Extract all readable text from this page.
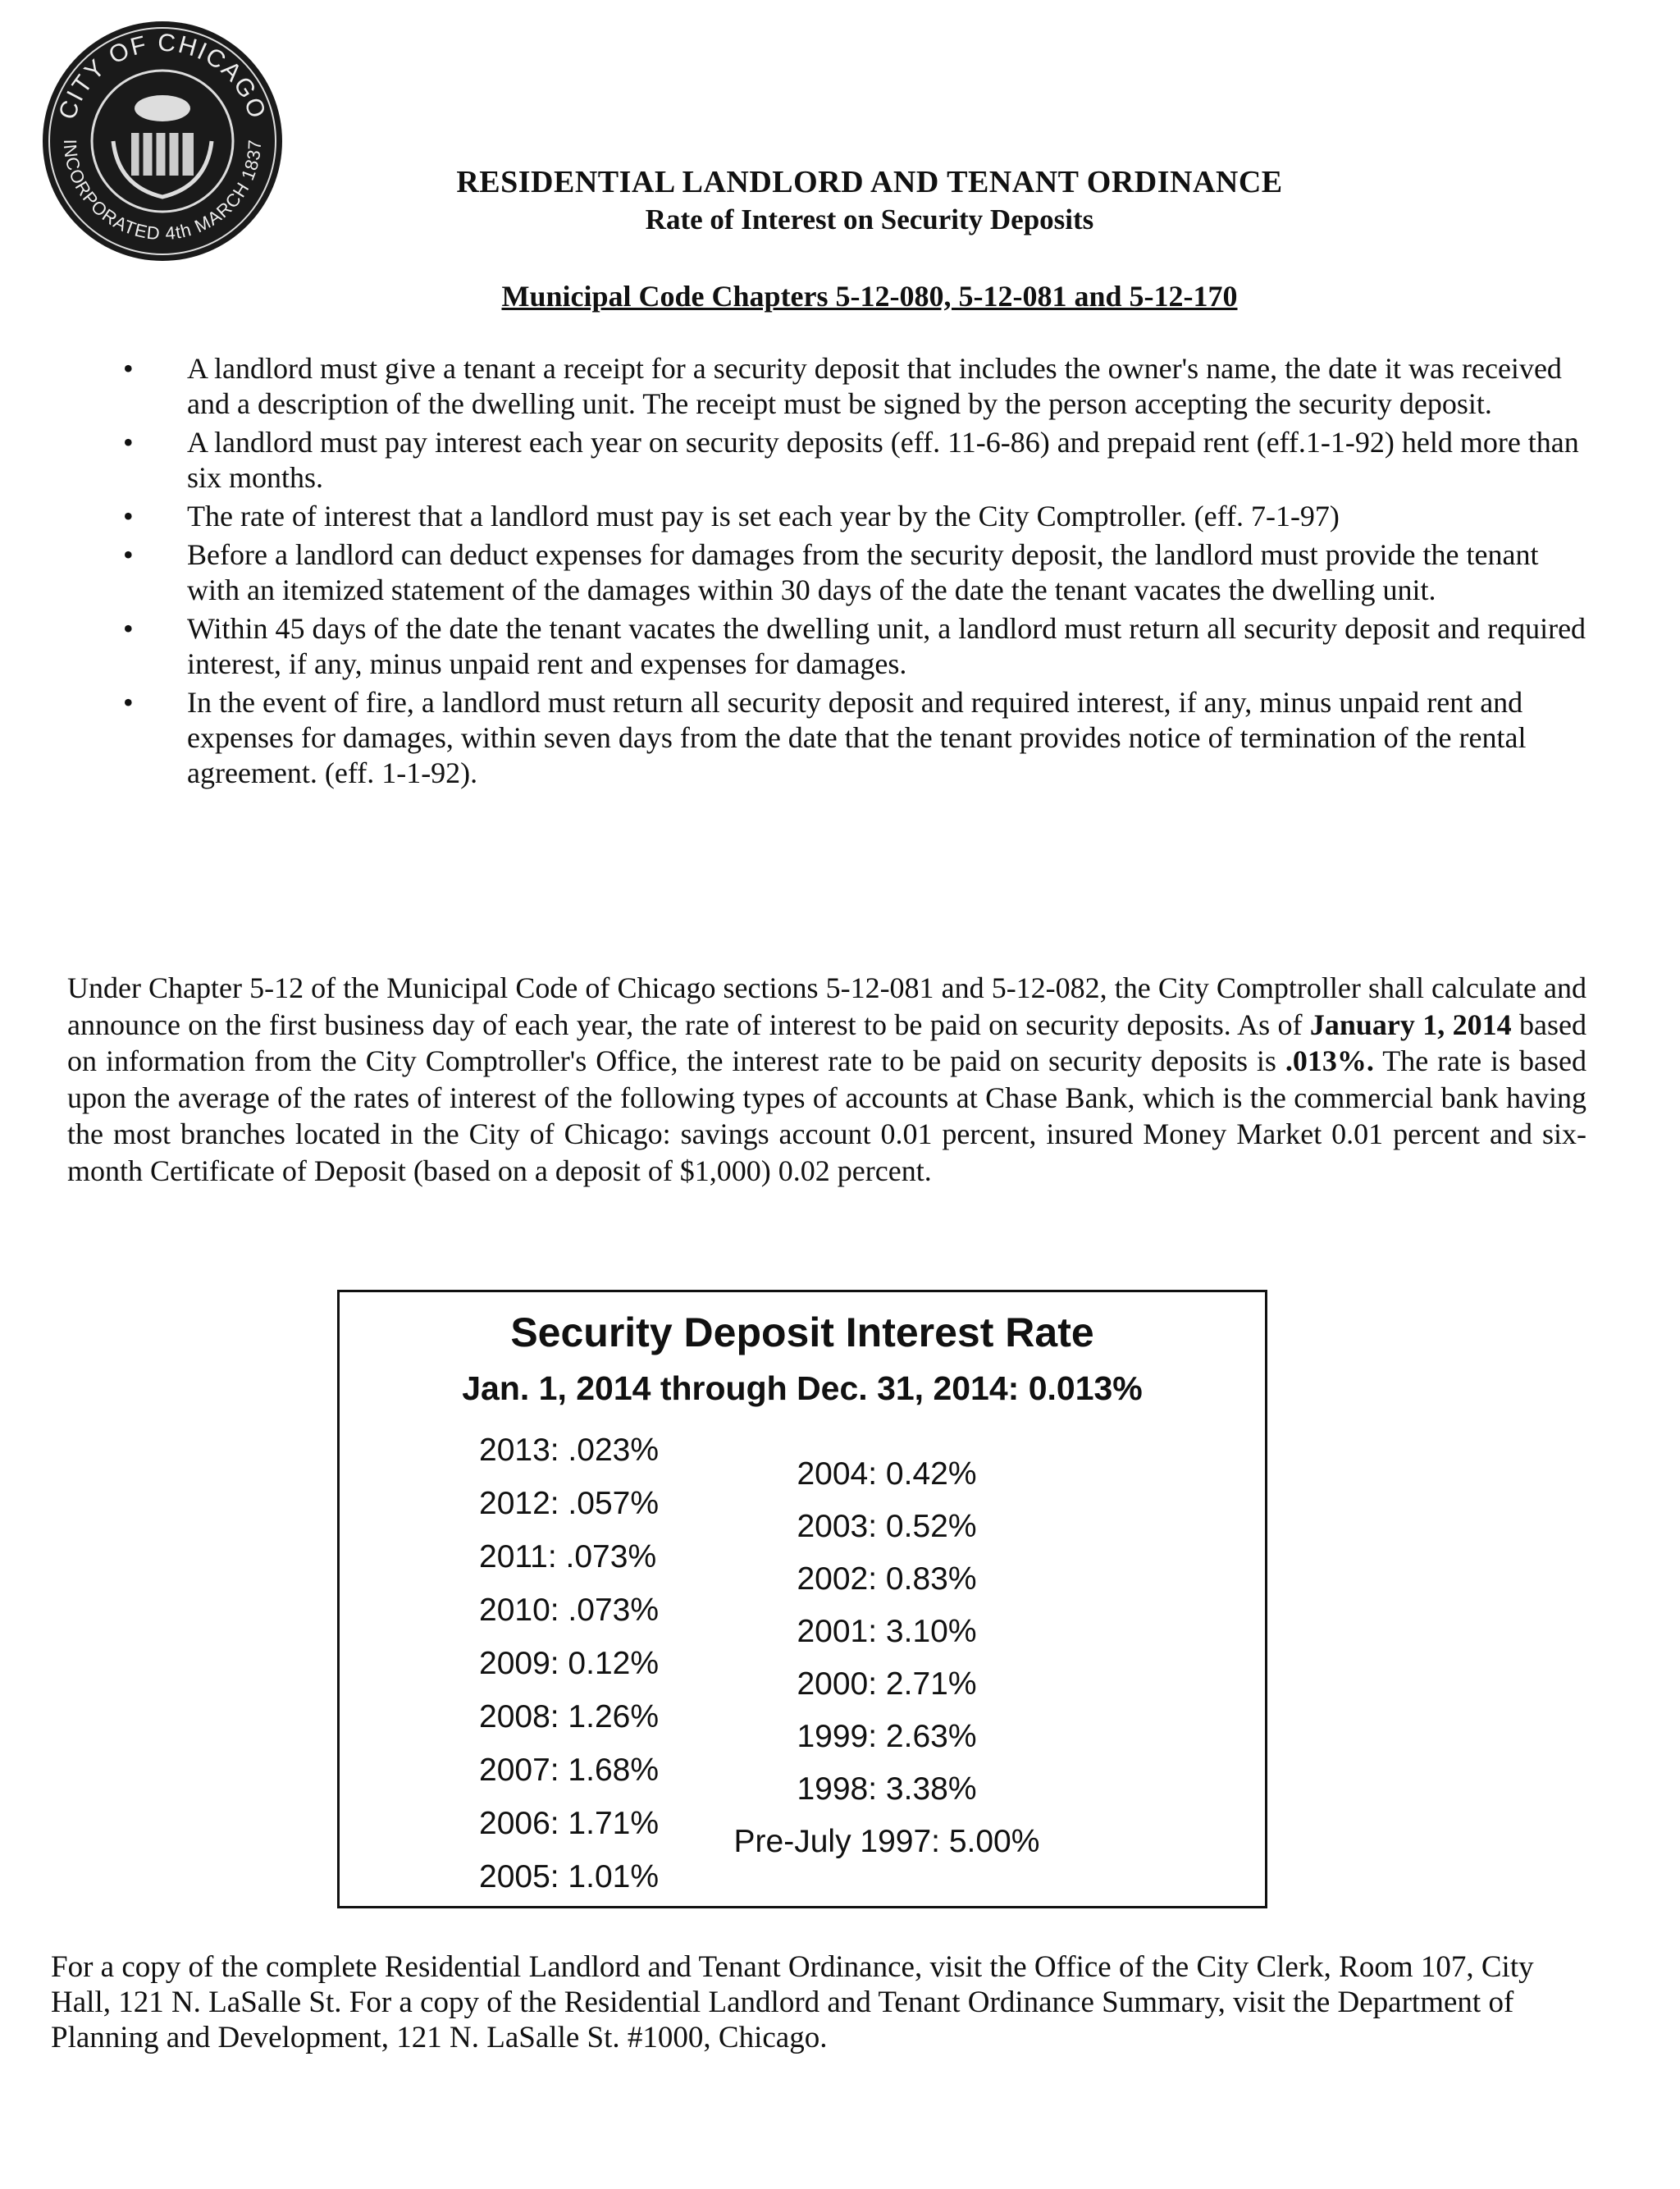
CITY OF CHICAGO
INCORPORATED 4th MARCH 1837
RESIDENTIAL LANDLORD AND TENANT ORDINANCE
Rate of Interest on Security Deposits
Municipal Code Chapters 5-12-080, 5-12-081 and 5-12-170
• A landlord must give a tenant a receipt for a security deposit that includes the owner's name, the date it was received and a description of the dwelling unit. The receipt must be signed by the person accepting the security deposit.
• A landlord must pay interest each year on security deposits (eff. 11-6-86) and prepaid rent (eff.1-1-92) held more than six months.
• The rate of interest that a landlord must pay is set each year by the City Comptroller. (eff. 7-1-97)
• Before a landlord can deduct expenses for damages from the security deposit, the landlord must provide the tenant with an itemized statement of the damages within 30 days of the date the tenant vacates the dwelling unit.
• Within 45 days of the date the tenant vacates the dwelling unit, a landlord must return all security deposit and required interest, if any, minus unpaid rent and expenses for damages.
• In the event of fire, a landlord must return all security deposit and required interest, if any, minus unpaid rent and expenses for damages, within seven days from the date that the tenant provides notice of termination of the rental agreement. (eff. 1-1-92).
Under Chapter 5-12 of the Municipal Code of Chicago sections 5-12-081 and 5-12-082, the City Comptroller shall calculate and announce on the first business day of each year, the rate of interest to be paid on security deposits. As of January 1, 2014 based on information from the City Comptroller's Office, the interest rate to be paid on security deposits is .013%. The rate is based upon the average of the rates of interest of the following types of accounts at Chase Bank, which is the commercial bank having the most branches located in the City of Chicago: savings account 0.01 percent, insured Money Market 0.01 percent and six-month Certificate of Deposit (based on a deposit of $1,000) 0.02 percent.
Security Deposit Interest Rate
Jan. 1, 2014 through Dec. 31, 2014: 0.013%
2013: .023%
2012: .057%
2011: .073%
2010: .073%
2009: 0.12%
2008: 1.26%
2007: 1.68%
2006: 1.71%
2005: 1.01%
2004: 0.42%
2003: 0.52%
2002: 0.83%
2001: 3.10%
2000: 2.71%
1999: 2.63%
1998: 3.38%
Pre-July 1997: 5.00%
For a copy of the complete Residential Landlord and Tenant Ordinance, visit the Office of the City Clerk, Room 107, City Hall, 121 N. LaSalle St. For a copy of the Residential Landlord and Tenant Ordinance Summary, visit the Department of Planning and Development, 121 N. LaSalle St. #1000, Chicago.
